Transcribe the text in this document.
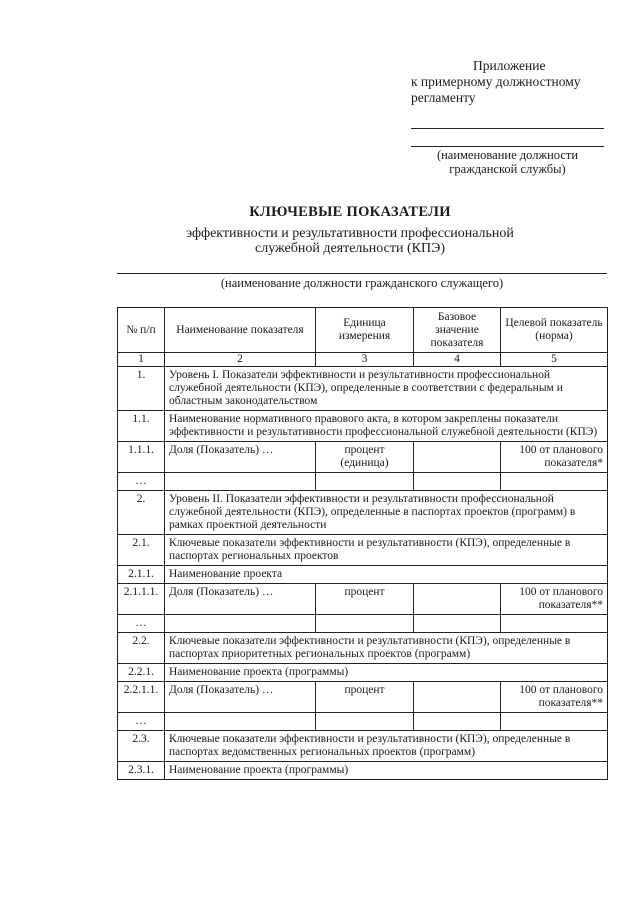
Приложение
к примерному должностному
регламенту
(наименование должности
гражданской службы)
КЛЮЧЕВЫЕ ПОКАЗАТЕЛИ
эффективности и результативности профессиональной
служебной деятельности (КПЭ)
(наименование должности гражданского служащего)
№ п/п	Наименование показателя	Единица измерения	Базовое значение показателя	Целевой показатель (норма)
1	2	3	4	5
1.	Уровень I. Показатели эффективности и результативности профессиональной служебной деятельности (КПЭ), определенные в соответствии с федеральным и областным законодательством			
1.1.	Наименование нормативного правового акта, в котором закреплены показатели эффективности и результативности профессиональной служебной деятельности (КПЭ)			
1.1.1.	Доля (Показатель) …	процент (единица)		100 от планового показателя*
…				
2.	Уровень II. Показатели эффективности и результативности профессиональной служебной деятельности (КПЭ), определенные в паспортах проектов (программ) в рамках проектной деятельности			
2.1.	Ключевые показатели эффективности и результативности (КПЭ), определенные в паспортах региональных проектов			
2.1.1.	Наименование проекта			
2.1.1.1.	Доля (Показатель) …	процент		100 от планового показателя**
…				
2.2.	Ключевые показатели эффективности и результативности (КПЭ), определенные в паспортах приоритетных региональных проектов (программ)			
2.2.1.	Наименование проекта (программы)			
2.2.1.1.	Доля (Показатель) …	процент		100 от планового показателя**
…				
2.3.	Ключевые показатели эффективности и результативности (КПЭ), определенные в паспортах ведомственных региональных проектов (программ)			
2.3.1.	Наименование проекта (программы)			
